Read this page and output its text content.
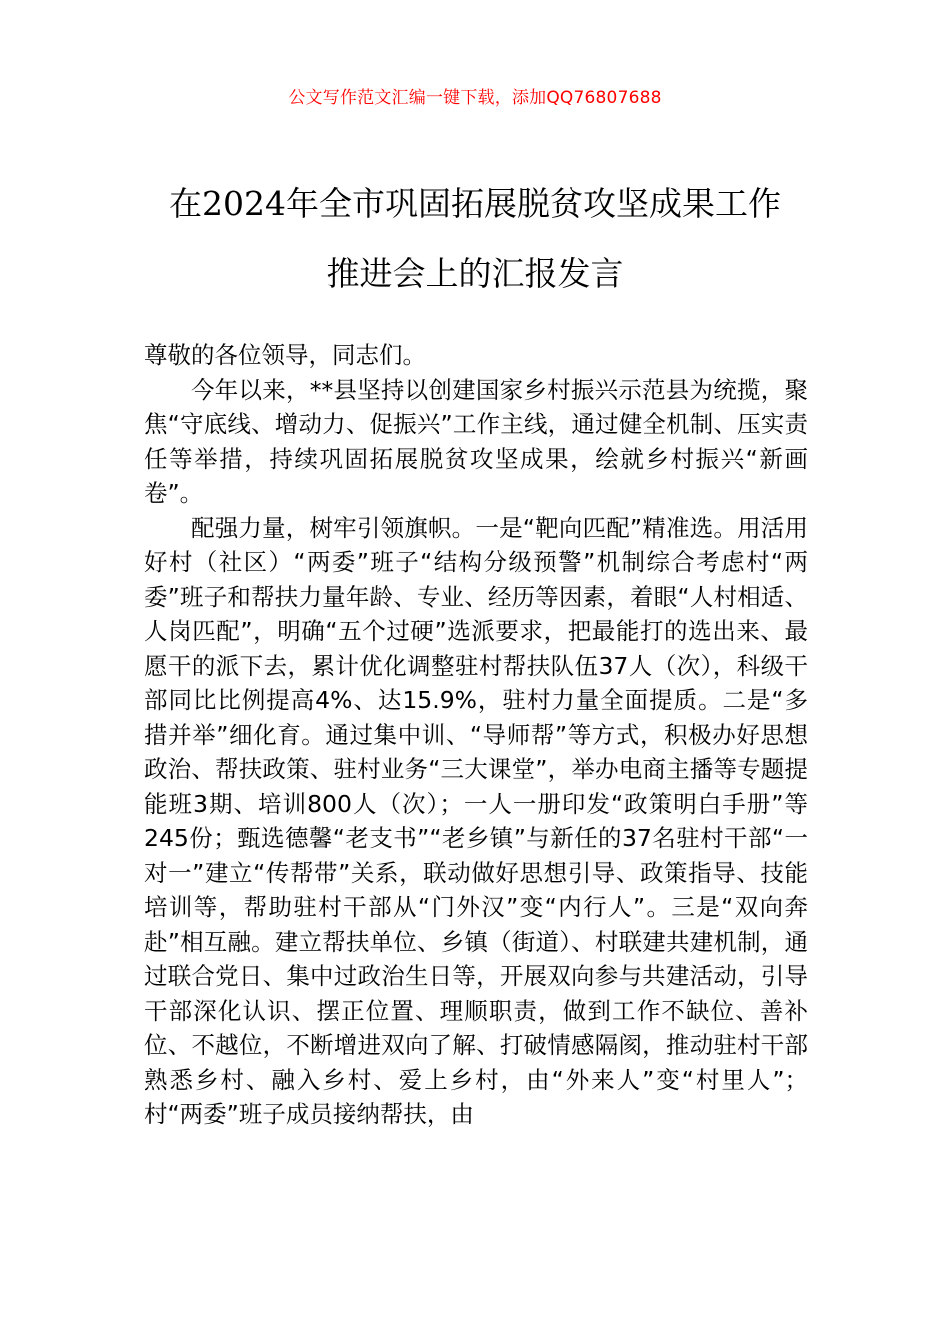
公文写作范文汇编一键下载，添加QQ76807688
在2024年全市巩固拓展脱贫攻坚成果工作
推进会上的汇报发言

尊敬的各位领导，同志们。

今年以来，**县坚持以创建国家乡村振兴示范县为统揽，聚焦“守底线、增动力、促振兴”工作主线，通过健全机制、压实责任等举措，持续巩固拓展脱贫攻坚成果，绘就乡村振兴“新画卷”。

配强力量，树牢引领旗帜。一是“靶向匹配”精准选。用活用好村（社区）“两委”班子“结构分级预警”机制综合考虑村“两委”班子和帮扶力量年龄、专业、经历等因素，着眼“人村相适、人岗匹配”，明确“五个过硬”选派要求，把最能打的选出来、最愿干的派下去，累计优化调整驻村帮扶队伍37人（次），科级干部同比比例提高4%、达15.9%，驻村力量全面提质。二是“多措并举”细化育。通过集中训、“导师帮”等方式，积极办好思想政治、帮扶政策、驻村业务“三大课堂”，举办电商主播等专题提能班3期、培训800人（次）；一人一册印发“政策明白手册”等245份；甄选德馨“老支书”“老乡镇”与新任的37名驻村干部“一对一”建立“传帮带”关系，联动做好思想引导、政策指导、技能培训等，帮助驻村干部从“门外汉”变“内行人”。三是“双向奔赴”相互融。建立帮扶单位、乡镇（街道）、村联建共建机制，通过联合党日、集中过政治生日等，开展双向参与共建活动，引导干部深化认识、摆正位置、理顺职责，做到工作不缺位、善补位、不越位，不断增进双向了解、打破情感隔阂，推动驻村干部熟悉乡村、融入乡村、爱上乡村，由“外来人”变“村里人”；村“两委”班子成员接纳帮扶，由
